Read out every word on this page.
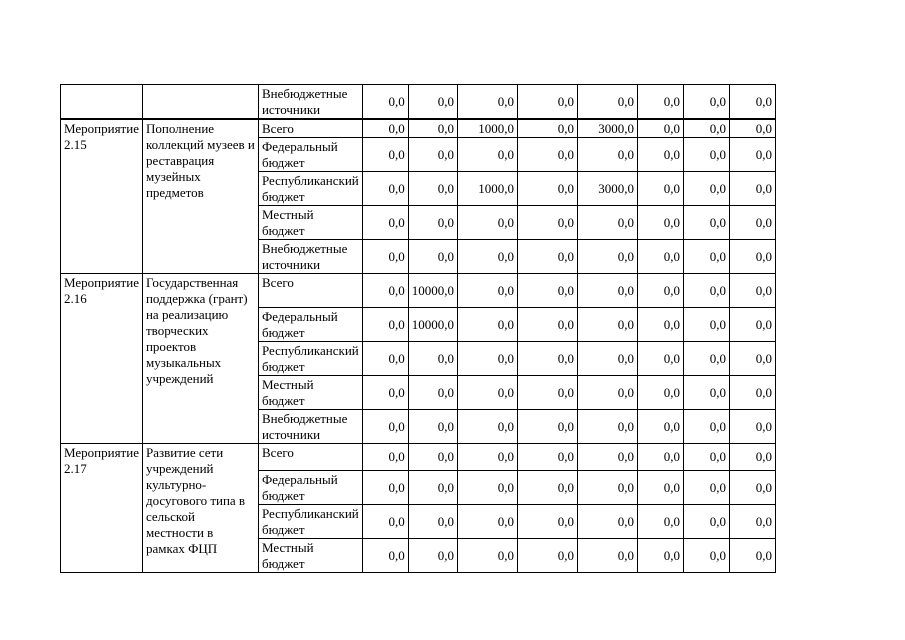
		Внебюджетные источники	0,0	0,0	0,0	0,0	0,0	0,0	0,0	0,0
Мероприятие 2.15	Пополнение коллекций музеев и реставрация музейных предметов	Всего	0,0	0,0	1000,0	0,0	3000,0	0,0	0,0	0,0
		Федеральный бюджет	0,0	0,0	0,0	0,0	0,0	0,0	0,0	0,0
		Республиканский бюджет	0,0	0,0	1000,0	0,0	3000,0	0,0	0,0	0,0
		Местный бюджет	0,0	0,0	0,0	0,0	0,0	0,0	0,0	0,0
		Внебюджетные источники	0,0	0,0	0,0	0,0	0,0	0,0	0,0	0,0
Мероприятие 2.16	Государственная поддержка (грант) на реализацию творческих проектов музыкальных учреждений	Всего	0,0	10000,0	0,0	0,0	0,0	0,0	0,0	0,0
		Федеральный бюджет	0,0	10000,0	0,0	0,0	0,0	0,0	0,0	0,0
		Республиканский бюджет	0,0	0,0	0,0	0,0	0,0	0,0	0,0	0,0
		Местный бюджет	0,0	0,0	0,0	0,0	0,0	0,0	0,0	0,0
		Внебюджетные источники	0,0	0,0	0,0	0,0	0,0	0,0	0,0	0,0
Мероприятие 2.17	Развитие сети учреждений культурно-досугового типа в сельской местности в рамках ФЦП	Всего	0,0	0,0	0,0	0,0	0,0	0,0	0,0	0,0
		Федеральный бюджет	0,0	0,0	0,0	0,0	0,0	0,0	0,0	0,0
		Республиканский бюджет	0,0	0,0	0,0	0,0	0,0	0,0	0,0	0,0
		Местный бюджет	0,0	0,0	0,0	0,0	0,0	0,0	0,0	0,0
